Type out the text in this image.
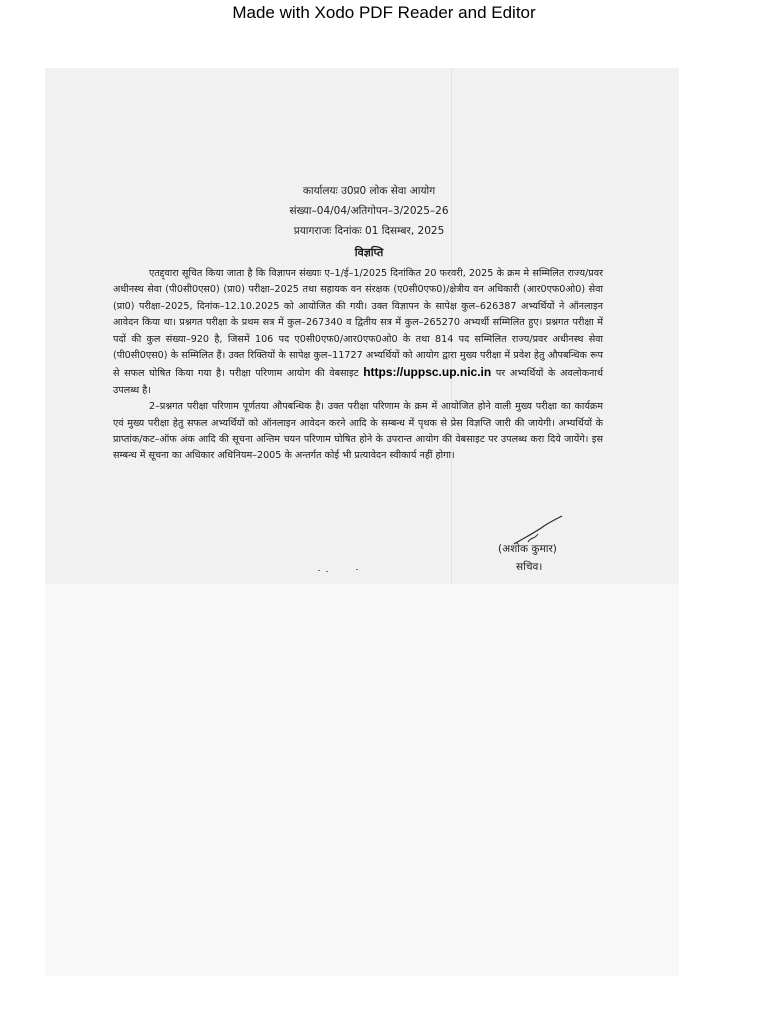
Made with Xodo PDF Reader and Editor

कार्यालयः उ0प्र0 लोक सेवा आयोग

संख्या–04/04/अतिगोपन–3/2025–26

प्रयागराजः दिनांकः 01 दिसम्बर, 2025

विज्ञप्ति

एतद्द्वारा सूचित किया जाता है कि विज्ञापन संख्याः ए–1/ई–1/2025 दिनांकित 20 फरवरी, 2025 के क्रम मे सम्मिलित राज्य/प्रवर अधीनस्थ सेवा (पी0सी0एस0) (प्रा0) परीक्षा–2025 तथा सहायक वन संरक्षक (ए0सी0एफ0)/क्षेत्रीय वन अधिकारी (आर0एफ0ओ0) सेवा (प्रा0) परीक्षा–2025, दिनांक–12.10.2025 को आयोजित की गयी। उक्त विज्ञापन के सापेक्ष कुल–626387 अभ्यर्थियों ने ऑनलाइन आवेदन किया था। प्रश्नगत परीक्षा के प्रथम सत्र में कुल–267340 व द्वितीय सत्र में कुल–265270 अभ्यर्थी सम्मिलित हुए। प्रश्नगत परीक्षा में पदों की कुल संख्या–920 है, जिसमें 106 पद ए0सी0एफ0/आर0एफ0ओ0 के तथा 814 पद सम्मिलित राज्य/प्रवर अधीनस्थ सेवा (पी0सी0एस0) के सम्मिलित हैं। उक्त रिक्तियों के सापेक्ष कुल–11727 अभ्यर्थियों को आयोग द्वारा मुख्य परीक्षा में प्रवेश हेतु औपबन्धिक रूप से सफल घोषित किया गया है। परीक्षा परिणाम आयोग की वेबसाइट https://uppsc.up.nic.in पर अभ्यर्थियों के अवलोकनार्थ उपलब्ध है।

2–प्रश्नगत परीक्षा परिणाम पूर्णतया औपबन्धिक है। उक्त परीक्षा परिणाम के क्रम में आयोजित होने वाली मुख्य परीक्षा का कार्यक्रम एवं मुख्य परीक्षा हेतु सफल अभ्यर्थियों को ऑनलाइन आवेदन करने आदि के सम्बन्ध में पृथक से प्रेस विज्ञप्ति जारी की जायेगी। अभ्यर्थियों के प्राप्तांक/कट–ऑफ अंक आदि की सूचना अन्तिम चयन परिणाम घोषित होने के उपरान्त आयोग की वेबसाइट पर उपलब्ध करा दिये जायेंगे। इस सम्बन्ध में सूचना का अधिकार अधिनियम–2005 के अन्तर्गत कोई भी प्रत्यावेदन स्वीकार्य नहीं होगा।

(अशोक कुमार)
सचिव।
